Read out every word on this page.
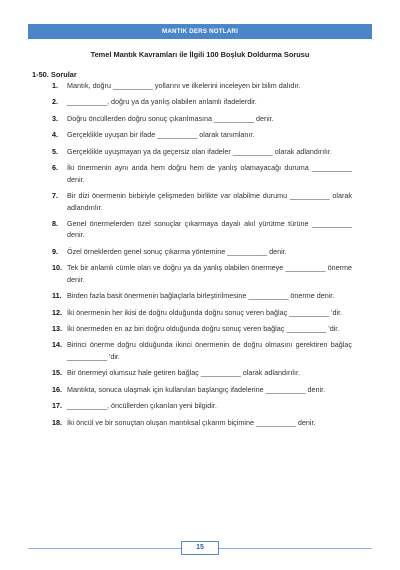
MANTIK DERS NOTLARI
Temel Mantık Kavramları ile İlgili 100 Boşluk Doldurma Sorusu
1-50. Sorular
1.	Mantık, doğru __________ yollarını ve ilkelerini inceleyen bir bilim dalıdır.
2.	__________, doğru ya da yanlış olabilen anlamlı ifadelerdir.
3.	Doğru öncüllerden doğru sonuç çıkarılmasına __________ denir.
4.	Gerçeklikle uyuşan bir ifade __________ olarak tanımlanır.
5.	Gerçeklikle uyuşmayan ya da geçersiz olan ifadeler __________ olarak adlandırılır.
6.	İki önermenin aynı anda hem doğru hem de yanlış olamayacağı duruma __________ denir.
7.	Bir dizi önermenin birbiriyle çelişmeden birlikte var olabilme durumu __________ olarak adlandırılır.
8.	Genel önermelerden özel sonuçlar çıkarmaya dayalı akıl yürütme türüne __________ denir.
9.	Özel örneklerden genel sonuç çıkarma yöntemine __________ denir.
10. Tek bir anlamlı cümle olan ve doğru ya da yanlış olabilen önermeye __________ önerme denir.
11. Birden fazla basit önermenin bağlaçlarla birleştirilmesine __________ önerme denir.
12. İki önermenin her ikisi de doğru olduğunda doğru sonuç veren bağlaç __________ 'dir.
13. İki önermeden en az biri doğru olduğunda doğru sonuç veren bağlaç __________ 'dir.
14. Birinci önerme doğru olduğunda ikinci önermenin de doğru olmasını gerektiren bağlaç __________ 'dir.
15. Bir önermeyi olumsuz hale getiren bağlaç __________ olarak adlandırılır.
16. Mantıkta, sonuca ulaşmak için kullanılan başlangıç ifadelerine __________ denir.
17. __________, öncüllerden çıkarılan yeni bilgidir.
18. İki öncül ve bir sonuçtan oluşan mantıksal çıkarım biçimine __________ denir.
15
